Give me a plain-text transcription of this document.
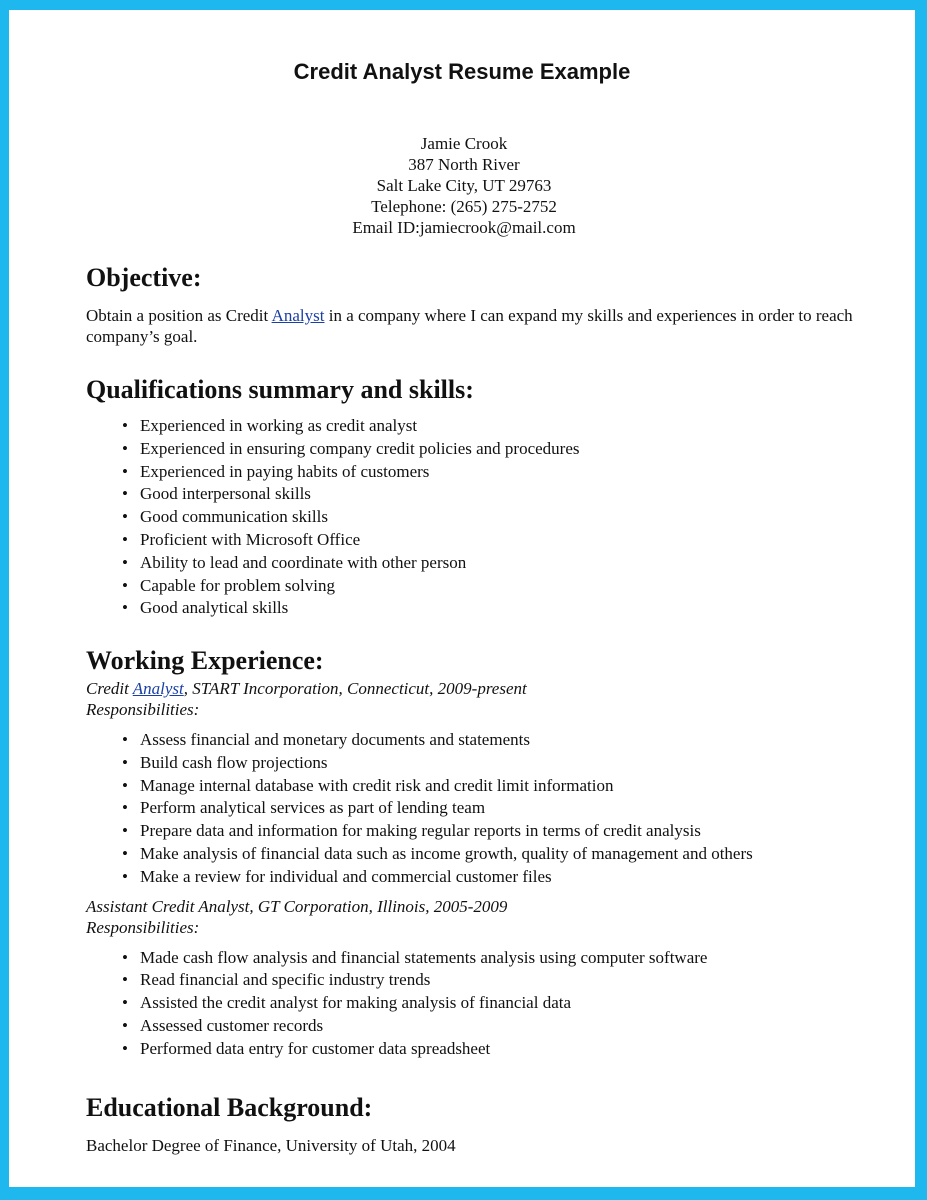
Credit Analyst Resume Example
Jamie Crook
387 North River
Salt Lake City, UT 29763
Telephone: (265) 275-2752
Email ID:jamiecrook@mail.com
Objective:

Obtain a position as Credit Analyst in a company where I can expand my skills and experiences in order to reach company’s goal.

Qualifications summary and skills:
• Experienced in working as credit analyst
• Experienced in ensuring company credit policies and procedures
• Experienced in paying habits of customers
• Good interpersonal skills
• Good communication skills
• Proficient with Microsoft Office
• Ability to lead and coordinate with other person
• Capable for problem solving
• Good analytical skills
Working Experience:
Credit Analyst, START Incorporation, Connecticut, 2009-present
Responsibilities:
• Assess financial and monetary documents and statements
• Build cash flow projections
• Manage internal database with credit risk and credit limit information
• Perform analytical services as part of lending team
• Prepare data and information for making regular reports in terms of credit analysis
• Make analysis of financial data such as income growth, quality of management and others
• Make a review for individual and commercial customer files
Assistant Credit Analyst, GT Corporation, Illinois, 2005-2009
Responsibilities:
• Made cash flow analysis and financial statements analysis using computer software
• Read financial and specific industry trends
• Assisted the credit analyst for making analysis of financial data
• Assessed customer records
• Performed data entry for customer data spreadsheet
Educational Background:

Bachelor Degree of Finance, University of Utah, 2004
